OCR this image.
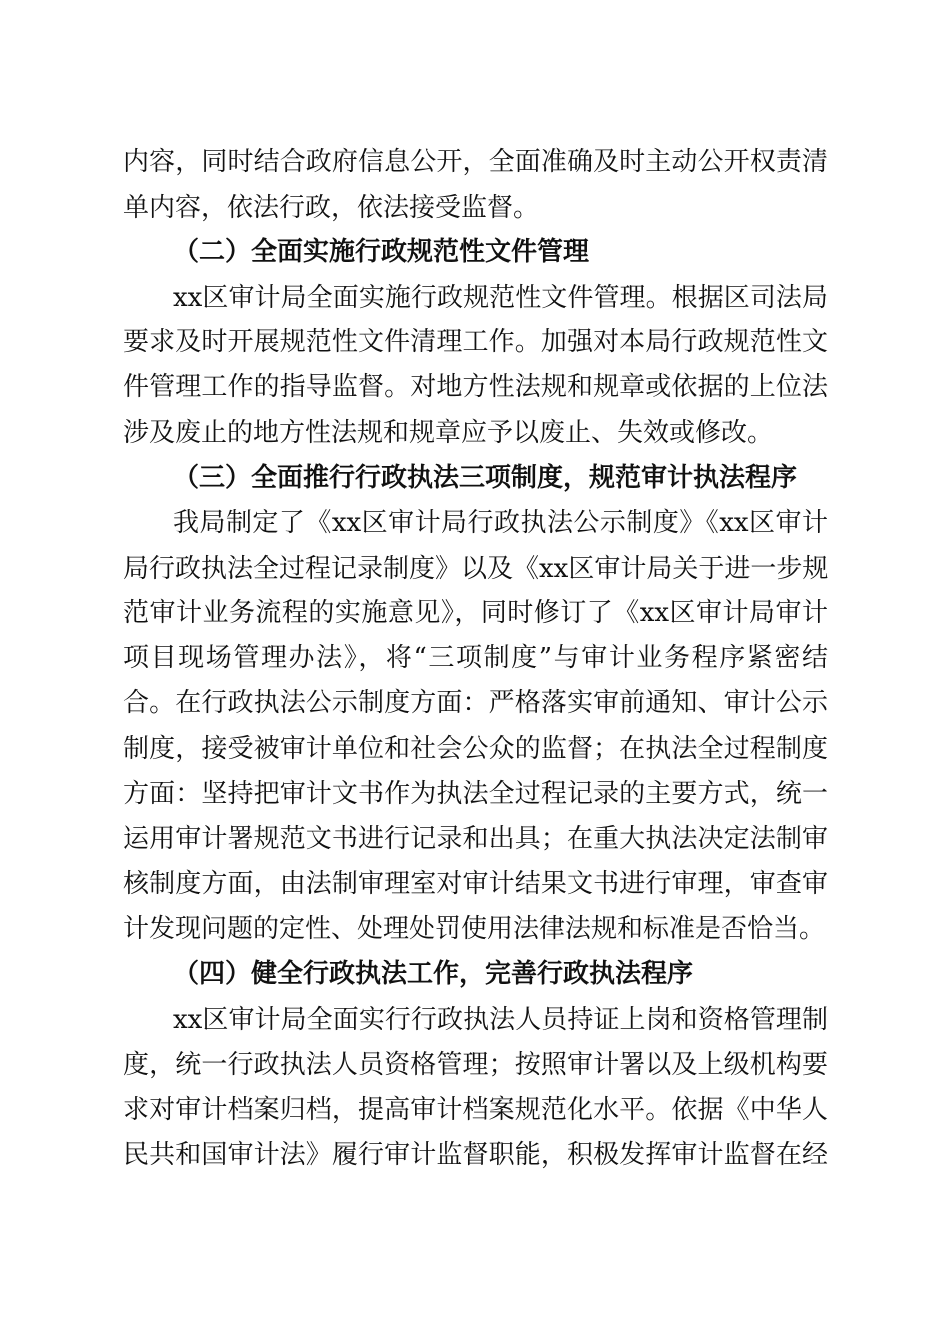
内容，同时结合政府信息公开，全面准确及时主动公开权责清
单内容，依法行政，依法接受监督。
（二）全面实施行政规范性文件管理
xx区审计局全面实施行政规范性文件管理。根据区司法局
要求及时开展规范性文件清理工作。加强对本局行政规范性文
件管理工作的指导监督。对地方性法规和规章或依据的上位法
涉及废止的地方性法规和规章应予以废止、失效或修改。
（三）全面推行行政执法三项制度，规范审计执法程序
我局制定了《xx区审计局行政执法公示制度》《xx区审计
局行政执法全过程记录制度》以及《xx区审计局关于进一步规
范审计业务流程的实施意见》，同时修订了《xx区审计局审计
项目现场管理办法》，将“三项制度”与审计业务程序紧密结
合。在行政执法公示制度方面：严格落实审前通知、审计公示
制度，接受被审计单位和社会公众的监督；在执法全过程制度
方面：坚持把审计文书作为执法全过程记录的主要方式，统一
运用审计署规范文书进行记录和出具；在重大执法决定法制审
核制度方面，由法制审理室对审计结果文书进行审理，审查审
计发现问题的定性、处理处罚使用法律法规和标准是否恰当。
（四）健全行政执法工作，完善行政执法程序
xx区审计局全面实行行政执法人员持证上岗和资格管理制
度，统一行政执法人员资格管理；按照审计署以及上级机构要
求对审计档案归档，提高审计档案规范化水平。依据《中华人
民共和国审计法》履行审计监督职能，积极发挥审计监督在经
